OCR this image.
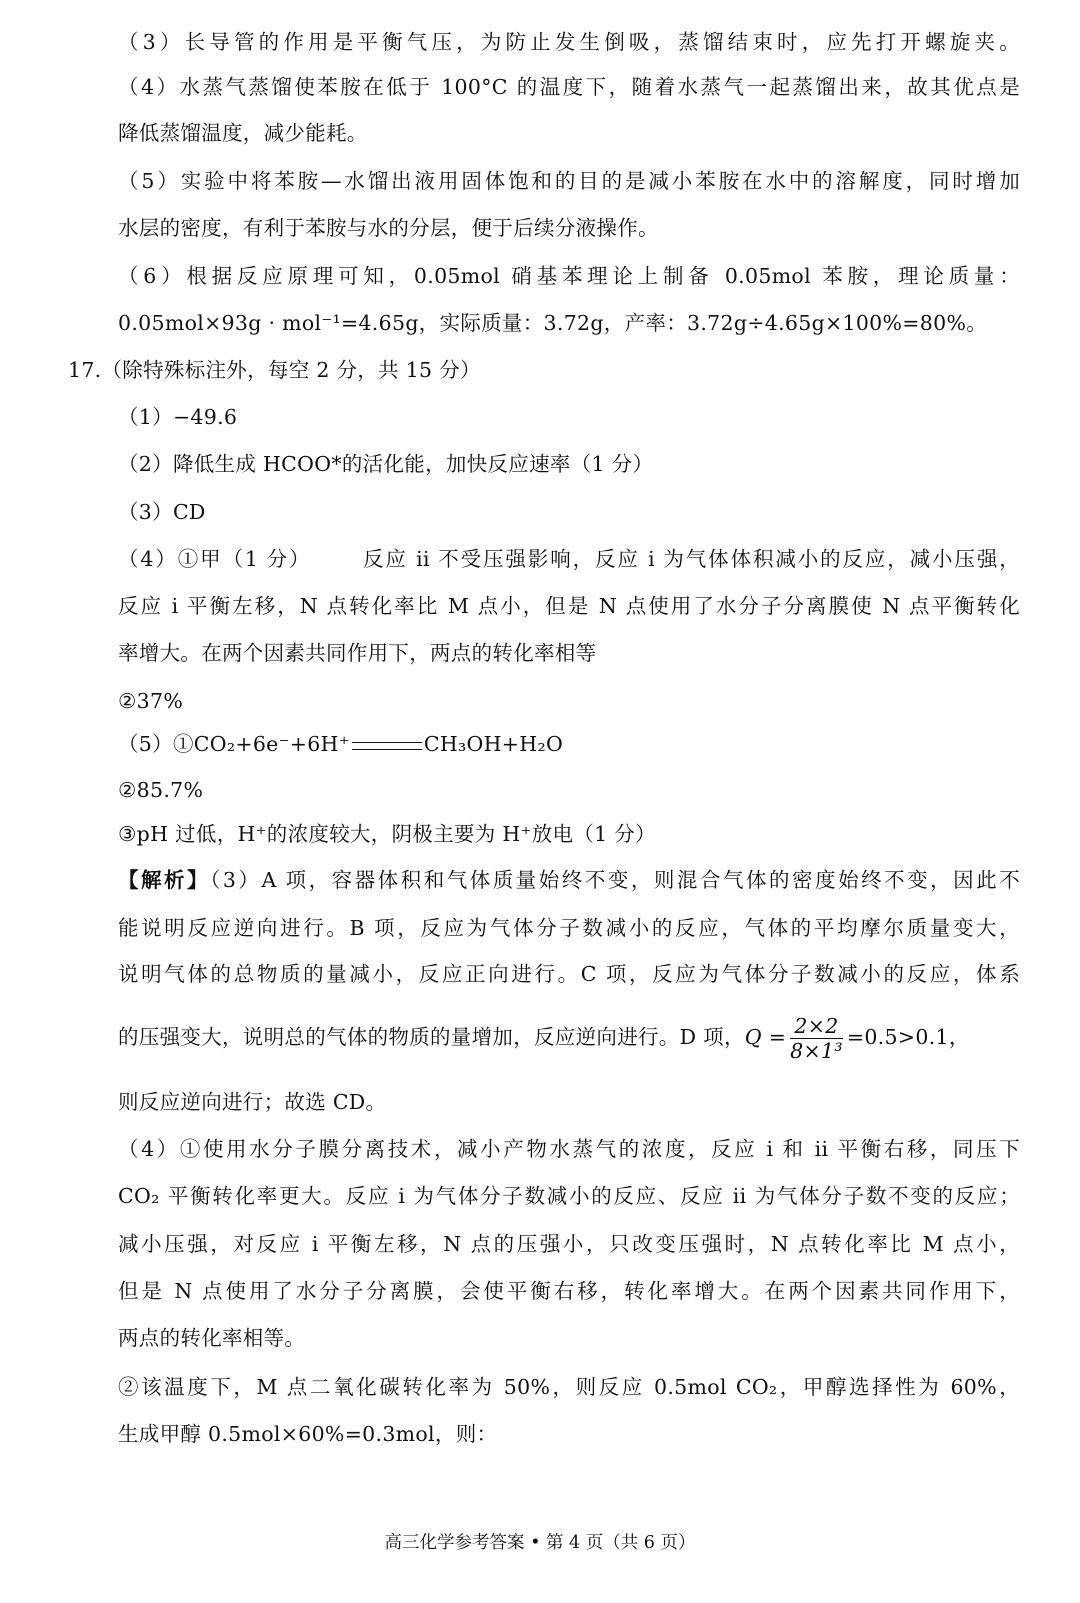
（3）长导管的作用是平衡气压，为防止发生倒吸，蒸馏结束时，应先打开螺旋夹。
（4）水蒸气蒸馏使苯胺在低于 100°C 的温度下，随着水蒸气一起蒸馏出来，故其优点是
降低蒸馏温度，减少能耗。
（5）实验中将苯胺—水馏出液用固体饱和的目的是减小苯胺在水中的溶解度，同时增加
水层的密度，有利于苯胺与水的分层，便于后续分液操作。
（6）根据反应原理可知，0.05mol 硝基苯理论上制备 0.05mol 苯胺，理论质量：
0.05mol×93g · mol⁻¹=4.65g，实际质量：3.72g，产率：3.72g÷4.65g×100%=80%。
17.（除特殊标注外，每空 2 分，共 15 分）
（1）−49.6
（2）降低生成 HCOO*的活化能，加快反应速率（1 分）
（3）CD
（4）①甲（1 分） 反应 ii 不受压强影响，反应 i 为气体体积减小的反应，减小压强，
反应 i 平衡左移，N 点转化率比 M 点小，但是 N 点使用了水分子分离膜使 N 点平衡转化
率增大。在两个因素共同作用下，两点的转化率相等
②37%
（5）①CO₂+6e⁻+6H⁺	CH₃OH+H₂O
②85.7%
③pH 过低，H⁺的浓度较大，阴极主要为 H⁺放电（1 分）
【解析】（3）A 项，容器体积和气体质量始终不变，则混合气体的密度始终不变，因此不
能说明反应逆向进行。B 项，反应为气体分子数减小的反应，气体的平均摩尔质量变大，
说明气体的总物质的量减小，反应正向进行。C 项，反应为气体分子数减小的反应，体系
的压强变大，说明总的气体的物质的量增加，反应逆向进行。D 项，$Q = \frac{2\times 2}{\text{8×1³}} =0.5>0.1$，
则反应逆向进行；故选 CD。
（4）①使用水分子膜分离技术，减小产物水蒸气的浓度，反应 i 和 ii 平衡右移，同压下
CO₂ 平衡转化率更大。反应 i 为气体分子数减小的反应、反应 ii 为气体分子数不变的反应；
减小压强，对反应 i 平衡左移，N 点的压强小，只改变压强时，N 点转化率比 M 点小，
但是 N 点使用了水分子分离膜，会使平衡右移，转化率增大。在两个因素共同作用下，
两点的转化率相等。
②该温度下，M 点二氧化碳转化率为 50%，则反应 0.5mol CO₂，甲醇选择性为 60%，
生成甲醇 0.5mol×60%=0.3mol，则：
高三化学参考答案 • 第 4 页（共 6 页）
